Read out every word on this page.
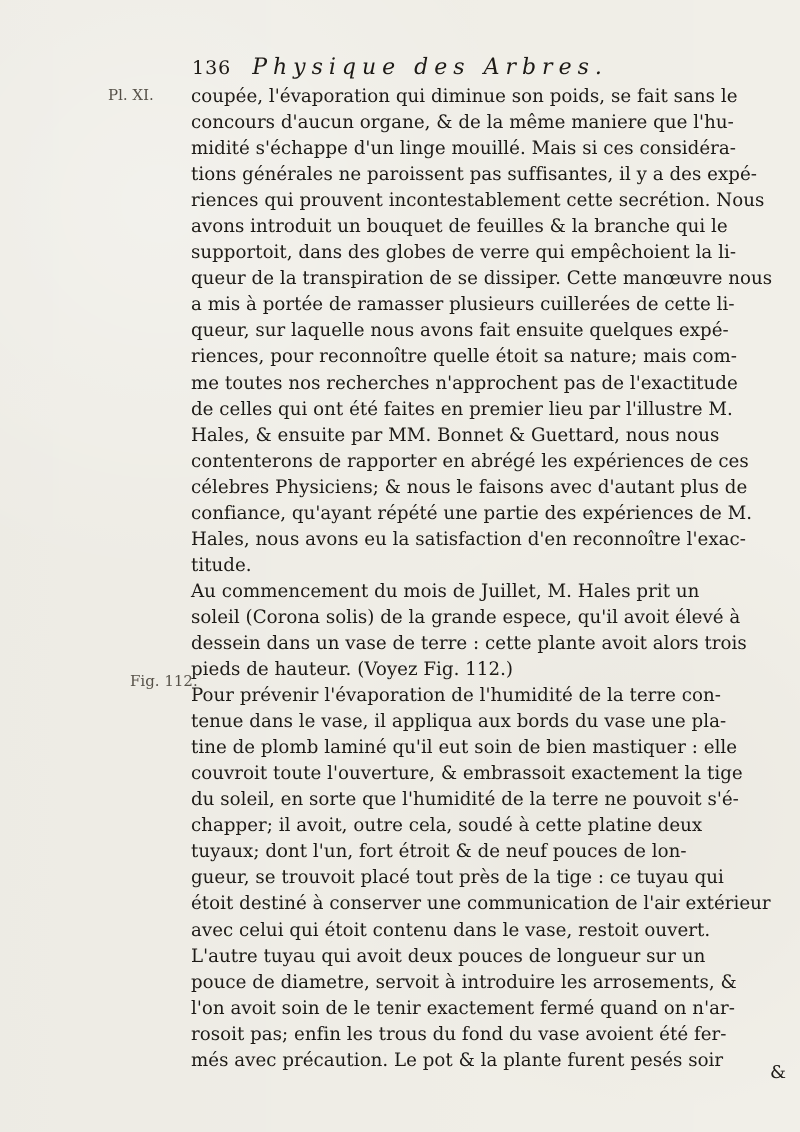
136 Physique des Arbres.
Pl. XI.
Fig. 112.
coupée, l'évaporation qui diminue son poids, se fait sans le
concours d'aucun organe, & de la même maniere que l'hu-
midité s'échappe d'un linge mouillé. Mais si ces considéra-
tions générales ne paroissent pas suffisantes, il y a des expé-
riences qui prouvent incontestablement cette secrétion. Nous
avons introduit un bouquet de feuilles & la branche qui le
supportoit, dans des globes de verre qui empêchoient la li-
queur de la transpiration de se dissiper. Cette manœuvre nous
a mis à portée de ramasser plusieurs cuillerées de cette li-
queur, sur laquelle nous avons fait ensuite quelques expé-
riences, pour reconnoître quelle étoit sa nature; mais com-
me toutes nos recherches n'approchent pas de l'exactitude
de celles qui ont été faites en premier lieu par l'illustre M.
Hales, & ensuite par MM. Bonnet & Guettard, nous nous
contenterons de rapporter en abrégé les expériences de ces
célebres Physiciens; & nous le faisons avec d'autant plus de
confiance, qu'ayant répété une partie des expériences de M.
Hales, nous avons eu la satisfaction d'en reconnoître l'exac-
titude.
Au commencement du mois de Juillet, M. Hales prit un
soleil (Corona solis) de la grande espece, qu'il avoit élevé à
dessein dans un vase de terre : cette plante avoit alors trois
pieds de hauteur. (Voyez Fig. 112.)
Pour prévenir l'évaporation de l'humidité de la terre con-
tenue dans le vase, il appliqua aux bords du vase une pla-
tine de plomb laminé qu'il eut soin de bien mastiquer : elle
couvroit toute l'ouverture, & embrassoit exactement la tige
du soleil, en sorte que l'humidité de la terre ne pouvoit s'é-
chapper; il avoit, outre cela, soudé à cette platine deux
tuyaux; dont l'un, fort étroit & de neuf pouces de lon-
gueur, se trouvoit placé tout près de la tige : ce tuyau qui
étoit destiné à conserver une communication de l'air extérieur
avec celui qui étoit contenu dans le vase, restoit ouvert.
L'autre tuyau qui avoit deux pouces de longueur sur un
pouce de diametre, servoit à introduire les arrosements, &
l'on avoit soin de le tenir exactement fermé quand on n'ar-
rosoit pas; enfin les trous du fond du vase avoient été fer-
més avec précaution. Le pot & la plante furent pesés soir
&
